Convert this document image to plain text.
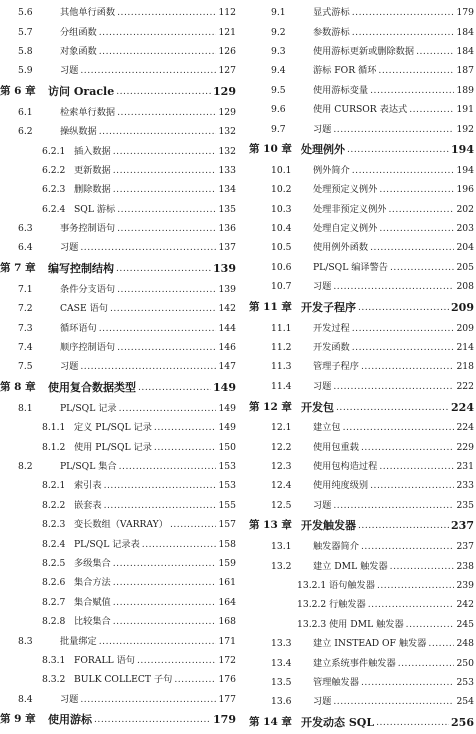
5.6	其他单行函数 .....	112
5.7	分组函数 .....	121
5.8	对象函数 .....	126
5.9	习题 .....	127
第 6 章	访问 Oracle .....	129
6.1	检索单行数据 .....	129
6.2	操纵数据 .....	132
6.2.1 插入数据 .....	132
6.2.2 更新数据 .....	133
6.2.3 删除数据 .....	134
6.2.4 SQL 游标 .....	135
6.3	事务控制语句 .....	136
6.4	习题 .....	137
第 7 章	编写控制结构 .....	139
7.1	条件分支语句 .....	139
7.2	CASE 语句 .....	142
7.3	循环语句 .....	144
7.4	顺序控制语句 .....	146
7.5	习题 .....	147
第 8 章	使用复合数据类型 .....	149
8.1	PL/SQL 记录 .....	149
8.1.1 定义 PL/SQL 记录 .....	149
8.1.2 使用 PL/SQL 记录 .....	150
8.2	PL/SQL 集合 .....	153
8.2.1 索引表 .....	153
8.2.2 嵌套表 .....	155
8.2.3 变长数组（VARRAY） .....	157
8.2.4 PL/SQL 记录表 .....	158
8.2.5 多级集合 .....	159
8.2.6 集合方法 .....	161
8.2.7 集合赋值 .....	164
8.2.8 比较集合 .....	168
8.3	批量绑定 .....	171
8.3.1 FORALL 语句 .....	172
8.3.2 BULK COLLECT 子句 .....	176
8.4	习题 .....	177
第 9 章	使用游标 .....	179
9.1	显式游标 .....	179
9.2	参数游标 .....	184
9.3	使用游标更新或删除数据 .....	184
9.4	游标 FOR 循环 .....	187
9.5	使用游标变量 .....	189
9.6	使用 CURSOR 表达式 .....	191
9.7	习题 .....	192
第 10 章 处理例外 .....	194
10.1	例外简介 .....	194
10.2	处理预定义例外 .....	196
10.3	处理非预定义例外 .....	202
10.4	处理自定义例外 .....	203
10.5	使用例外函数 .....	204
10.6	PL/SQL 编译警告 .....	205
10.7	习题 .....	208
第 11 章 开发子程序 .....	209
11.1	开发过程 .....	209
11.2	开发函数 .....	214
11.3	管理子程序 .....	218
11.4	习题 .....	222
第 12 章 开发包 .....	224
12.1	建立包 .....	224
12.2	使用包重载 .....	229
12.3	使用包构造过程 .....	231
12.4	使用纯度级别 .....	233
12.5	习题 .....	235
第 13 章 开发触发器 .....	237
13.1	触发器简介 .....	237
13.2	建立 DML 触发器 .....	238
13.2.1 语句触发器 .....	239
13.2.2 行触发器 .....	242
13.2.3 使用 DML 触发器 .....	245
13.3	建立 INSTEAD OF 触发器 .....	248
13.4	建立系统事件触发器 .....	250
13.5	管理触发器 .....	253
13.6	习题 .....	254
第 14 章 开发动态 SQL .....	256
